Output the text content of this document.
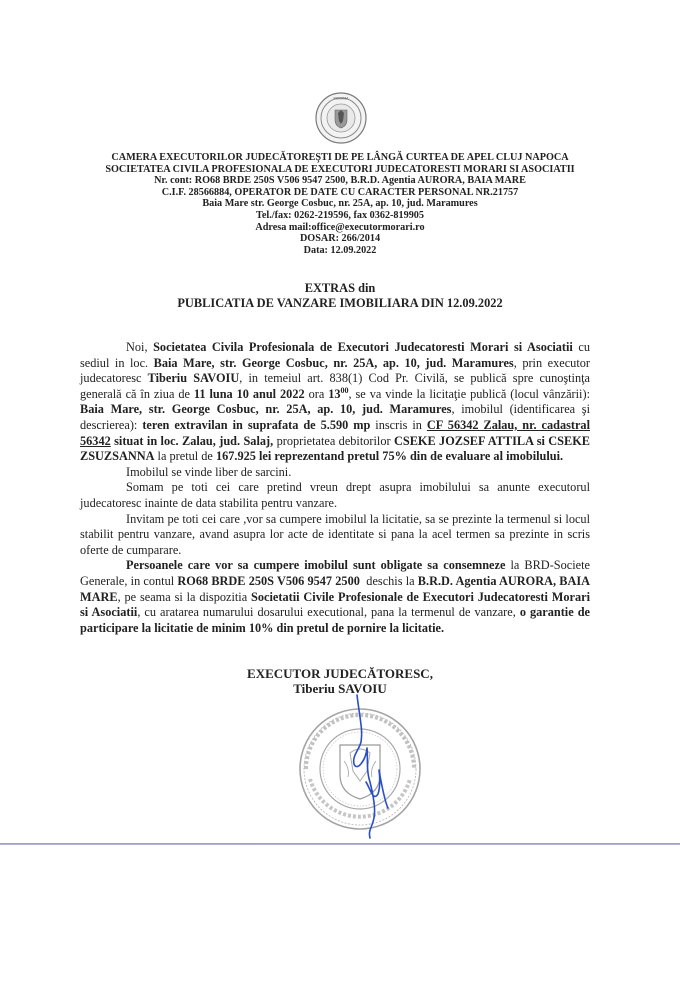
ROMANIA
CAMERA EXECUTORILOR JUDECĂTOREŞTI DE PE LÂNGĂ CURTEA DE APEL CLUJ NAPOCA
SOCIETATEA CIVILA PROFESIONALA DE EXECUTORI JUDECATORESTI MORARI SI ASOCIATII
Nr. cont: RO68 BRDE 250S V506 9547 2500, B.R.D. Agentia AURORA, BAIA MARE
C.I.F. 28566884, OPERATOR DE DATE CU CARACTER PERSONAL NR.21757
Baia Mare str. George Cosbuc, nr. 25A, ap. 10, jud. Maramures
Tel./fax: 0262-219596, fax 0362-819905
Adresa mail:office@executormorari.ro
DOSAR: 266/2014
Data: 12.09.2022
EXTRAS din
PUBLICATIA DE VANZARE IMOBILIARA DIN 12.09.2022

Noi, Societatea Civila Profesionala de Executori Judecatoresti Morari si Asociatii cu sediul in loc. Baia Mare, str. George Cosbuc, nr. 25A, ap. 10, jud. Maramures, prin executor judecatoresc Tiberiu SAVOIU, in temeiul art. 838(1) Cod Pr. Civilă, se publică spre cunoştinţa generală că în ziua de 11 luna 10 anul 2022 ora $13^{00}$, se va vinde la licitaţie publică (locul vânzării): Baia Mare, str. George Cosbuc, nr. 25A, ap. 10, jud. Maramures, imobilul (identificarea şi descrierea): teren extravilan in suprafata de 5.590 mp inscris in CF 56342 Zalau, nr. cadastral 56342 situat in loc. Zalau, jud. Salaj, proprietatea debitorilor CSEKE JOZSEF ATTILA si CSEKE ZSUZSANNA la pretul de 167.925 lei reprezentand pretul 75% din de evaluare al imobilului.

Imobilul se vinde liber de sarcini.

Somam pe toti cei care pretind vreun drept asupra imobilului sa anunte executorul judecatoresc inainte de data stabilita pentru vanzare.

Invitam pe toti cei care ,vor sa cumpere imobilul la licitatie, sa se prezinte la termenul si locul stabilit pentru vanzare, avand asupra lor acte de identitate si pana la acel termen sa prezinte in scris oferte de cumparare.

Persoanele care vor sa cumpere imobilul sunt obligate sa consemneze la BRD-Societe Generale, in contul RO68 BRDE 250S V506 9547 2500  deschis la B.R.D. Agentia AURORA, BAIA MARE, pe seama si la dispozitia Societatii Civile Profesionale de Executori Judecatoresti Morari si Asociatii, cu aratarea numarului dosarului executional, pana la termenul de vanzare, o garantie de participare la licitatie de minim 10% din pretul de pornire la licitatie.

EXECUTOR JUDECĂTORESC,
Tiberiu SAVOIU
